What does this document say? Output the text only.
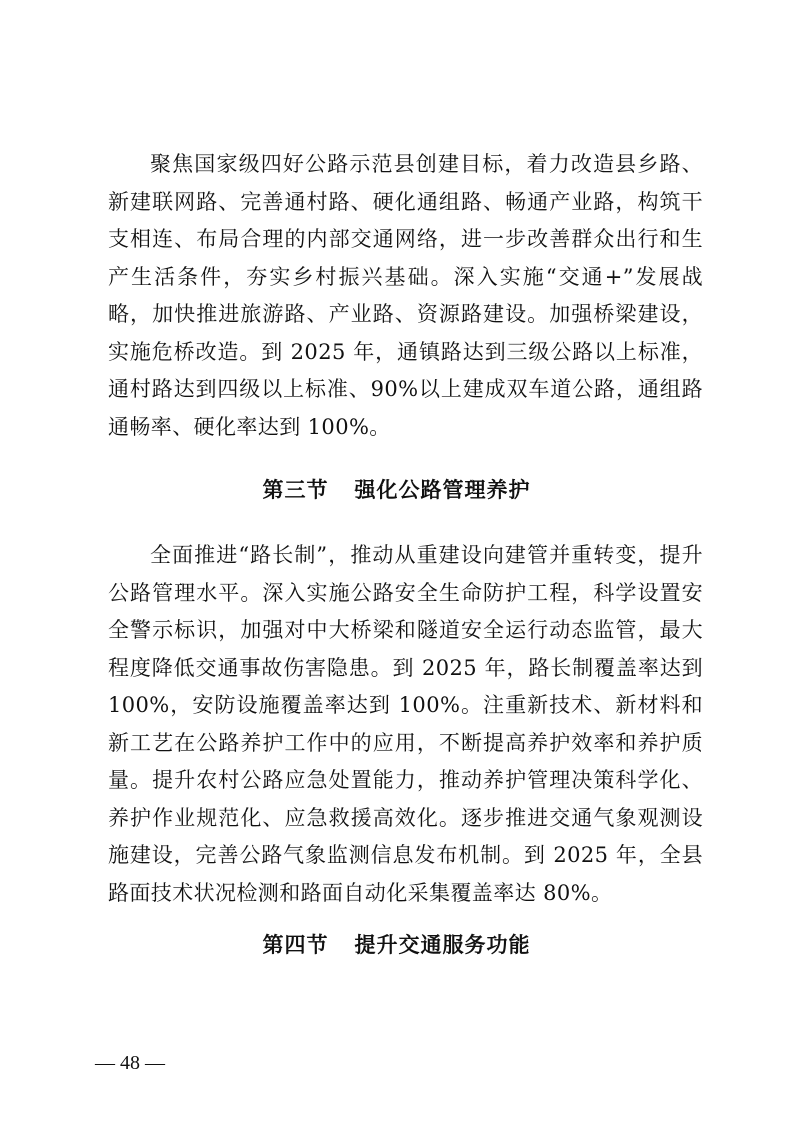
聚焦国家级四好公路示范县创建目标，着力改造县乡路、新建联网路、完善通村路、硬化通组路、畅通产业路，构筑干支相连、布局合理的内部交通网络，进一步改善群众出行和生产生活条件，夯实乡村振兴基础。深入实施“交通+”发展战略，加快推进旅游路、产业路、资源路建设。加强桥梁建设，实施危桥改造。到 2025 年，通镇路达到三级公路以上标准，通村路达到四级以上标准、90%以上建成双车道公路，通组路通畅率、硬化率达到 100%。

第三节 强化公路管理养护

全面推进“路长制”，推动从重建设向建管并重转变，提升公路管理水平。深入实施公路安全生命防护工程，科学设置安全警示标识，加强对中大桥梁和隧道安全运行动态监管，最大程度降低交通事故伤害隐患。到 2025 年，路长制覆盖率达到 100%，安防设施覆盖率达到 100%。注重新技术、新材料和新工艺在公路养护工作中的应用，不断提高养护效率和养护质量。提升农村公路应急处置能力，推动养护管理决策科学化、养护作业规范化、应急救援高效化。逐步推进交通气象观测设施建设，完善公路气象监测信息发布机制。到 2025 年，全县路面技术状况检测和路面自动化采集覆盖率达 80%。

第四节 提升交通服务功能
— 48 —
